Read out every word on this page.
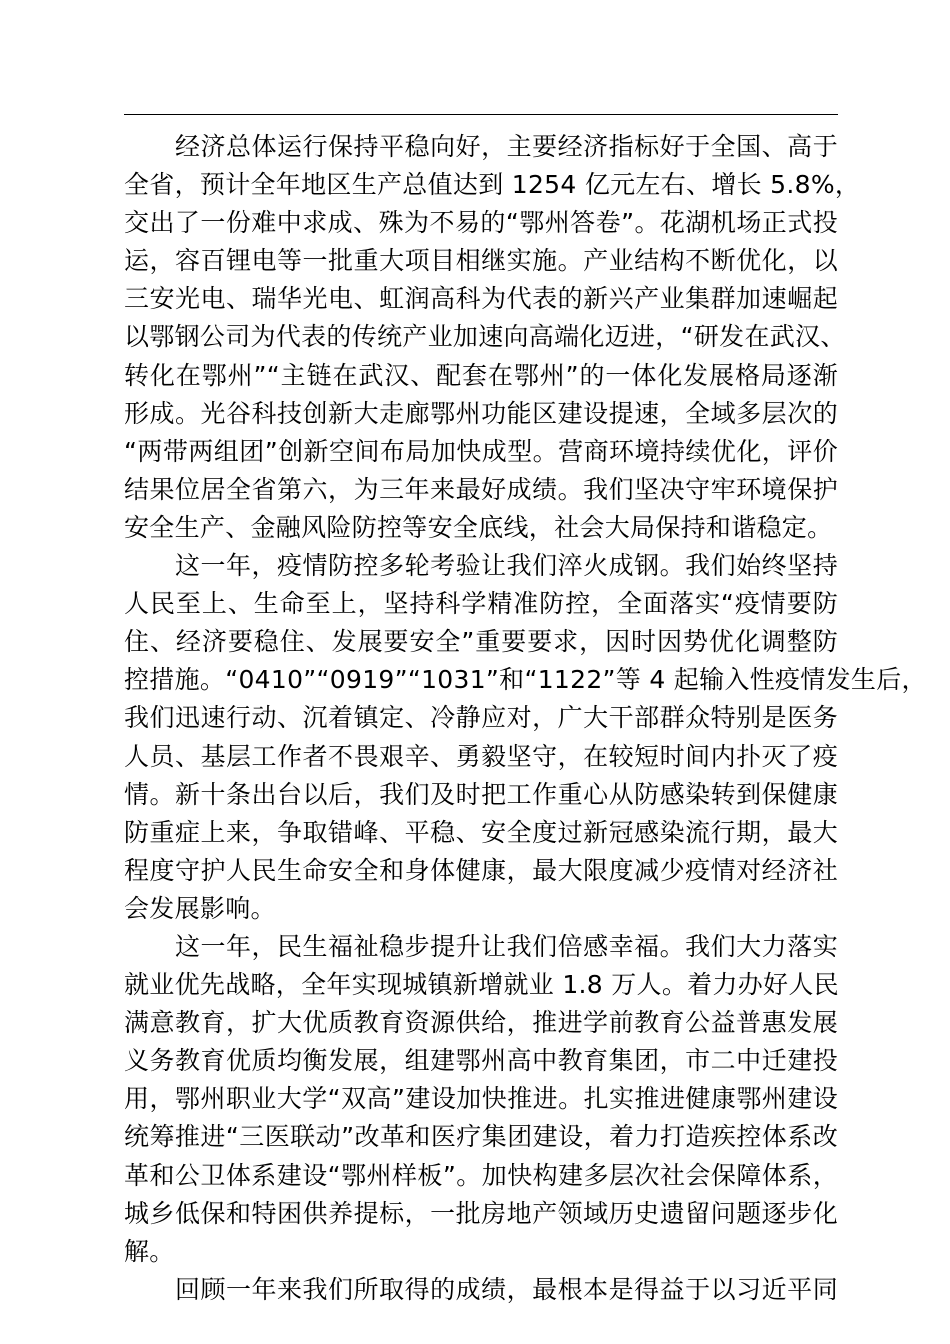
经济总体运行保持平稳向好，主要经济指标好于全国、高于
全省，预计全年地区生产总值达到 1254 亿元左右、增长 5.8%，
交出了一份难中求成、殊为不易的“鄂州答卷”。花湖机场正式投
运，容百锂电等一批重大项目相继实施。产业结构不断优化，以
三安光电、瑞华光电、虹润高科为代表的新兴产业集群加速崛起
以鄂钢公司为代表的传统产业加速向高端化迈进，“研发在武汉、
转化在鄂州”“主链在武汉、配套在鄂州”的一体化发展格局逐渐
形成。光谷科技创新大走廊鄂州功能区建设提速，全域多层次的
“两带两组团”创新空间布局加快成型。营商环境持续优化，评价
结果位居全省第六，为三年来最好成绩。我们坚决守牢环境保护
安全生产、金融风险防控等安全底线，社会大局保持和谐稳定。
这一年，疫情防控多轮考验让我们淬火成钢。我们始终坚持
人民至上、生命至上，坚持科学精准防控，全面落实“疫情要防
住、经济要稳住、发展要安全”重要要求，因时因势优化调整防
控措施。“0410”“0919”“1031”和“1122”等 4 起输入性疫情发生后，
我们迅速行动、沉着镇定、冷静应对，广大干部群众特别是医务
人员、基层工作者不畏艰辛、勇毅坚守，在较短时间内扑灭了疫
情。新十条出台以后，我们及时把工作重心从防感染转到保健康
防重症上来，争取错峰、平稳、安全度过新冠感染流行期，最大
程度守护人民生命安全和身体健康，最大限度减少疫情对经济社
会发展影响。
这一年，民生福祉稳步提升让我们倍感幸福。我们大力落实
就业优先战略，全年实现城镇新增就业 1.8 万人。着力办好人民
满意教育，扩大优质教育资源供给，推进学前教育公益普惠发展
义务教育优质均衡发展，组建鄂州高中教育集团，市二中迁建投
用，鄂州职业大学“双高”建设加快推进。扎实推进健康鄂州建设
统筹推进“三医联动”改革和医疗集团建设，着力打造疾控体系改
革和公卫体系建设“鄂州样板”。加快构建多层次社会保障体系，
城乡低保和特困供养提标，一批房地产领域历史遗留问题逐步化
解。
回顾一年来我们所取得的成绩，最根本是得益于以习近平同
